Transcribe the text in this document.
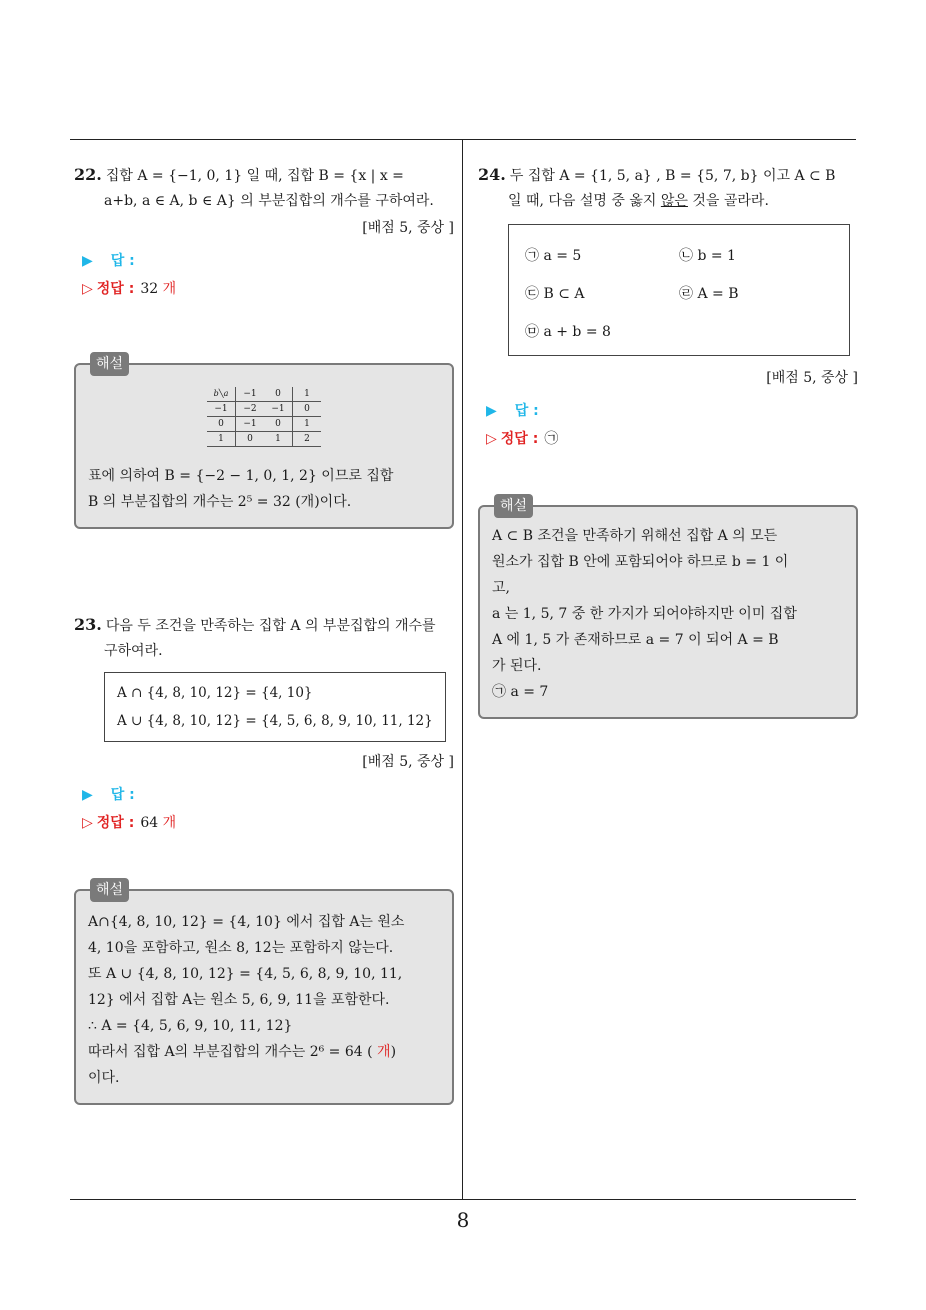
22. 집합 A = {−1, 0, 1} 일 때, 집합 B = {x | x =
a+b, a ∈ A, b ∈ A} 의 부분집합의 개수를 구하여라.
[배점 5, 중상 ]
▶ 답 :
▷ 정답 : 32 개
해설
b╲a	−1	0	1
−1	−2	−1	0
0	−1	0	1
1	0	1	2
표에 의하여 B = {−2 − 1, 0, 1, 2} 이므로 집합
B 의 부분집합의 개수는 2⁵ = 32 (개)이다.
23. 다음 두 조건을 만족하는 집합 A 의 부분집합의 개수를
구하여라.
A ∩ {4, 8, 10, 12} = {4, 10}
A ∪ {4, 8, 10, 12} = {4, 5, 6, 8, 9, 10, 11, 12}
[배점 5, 중상 ]
▶ 답 :
▷ 정답 : 64 개
해설
A∩{4, 8, 10, 12} = {4, 10} 에서 집합 A는 원소
4, 10을 포함하고, 원소 8, 12는 포함하지 않는다.
또 A ∪ {4, 8, 10, 12} = {4, 5, 6, 8, 9, 10, 11,
12} 에서 집합 A는 원소 5, 6, 9, 11을 포함한다.
∴ A = {4, 5, 6, 9, 10, 11, 12}
따라서 집합 A의 부분집합의 개수는 2⁶ = 64 ( 개)
이다.
24. 두 집합 A = {1, 5, a} , B = {5, 7, b} 이고 A ⊂ B
일 때, 다음 설명 중 옳지 않은 것을 골라라.
㉠ a = 5	㉡ b = 1
㉢ B ⊂ A	㉣ A = B
㉤ a + b = 8
[배점 5, 중상 ]
▶ 답 :
▷ 정답 : ㉠
해설
A ⊂ B 조건을 만족하기 위해선 집합 A 의 모든
원소가 집합 B 안에 포함되어야 하므로 b = 1 이
고,
a 는 1, 5, 7 중 한 가지가 되어야하지만 이미 집합
A 에 1, 5 가 존재하므로 a = 7 이 되어 A = B
가 된다.
㉠ a = 7
8
